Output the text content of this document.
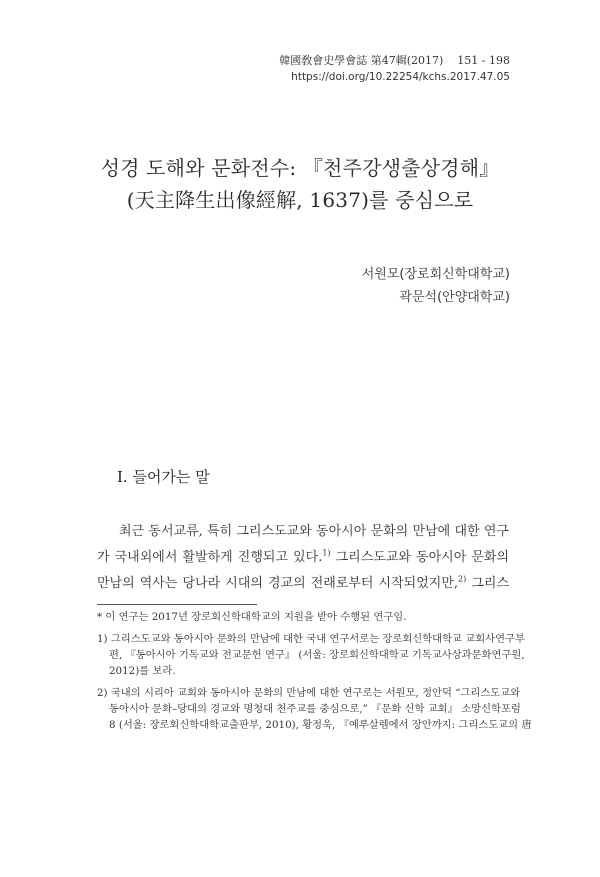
韓國敎會史學會誌 第47輯(2017)    151 - 198
https://doi.org/10.22254/kchs.2017.47.05
성경 도해와 문화전수: 『천주강생출상경해』
(天主降生出像經解, 1637)를 중심으로
서원모(장로회신학대학교)
곽문석(안양대학교)
I. 들어가는 말
최근 동서교류, 특히 그리스도교와 동아시아 문화의 만남에 대한 연구
가 국내외에서 활발하게 진행되고 있다.$^{1)}$ 그리스도교와 동아시아 문화의
만남의 역사는 당나라 시대의 경교의 전래로부터 시작되었지만,$^{2)}$ 그리스
* 이 연구는 2017년 장로회신학대학교의 지원을 받아 수행된 연구임.
1) 그리스도교와 동아시아 문화의 만남에 대한 국내 연구서로는 장로회신학대학교 교회사연구부
편, 『동아시아 기독교와 전교문헌 연구』 (서울: 장로회신학대학교 기독교사상과문화연구원,
2012)를 보라.
2) 국내의 시리아 교회와 동아시아 문화의 만남에 대한 연구로는 서원모, 정안덕 “그리스도교와
동아시아 문화–당대의 경교와 명청대 천주교를 중심으로,” 『문화 신학 교회』 소망신학포럼
8 (서울: 장로회신학대학교출판부, 2010), 황정욱, 『예루살렘에서 장안까지: 그리스도교의 唐
